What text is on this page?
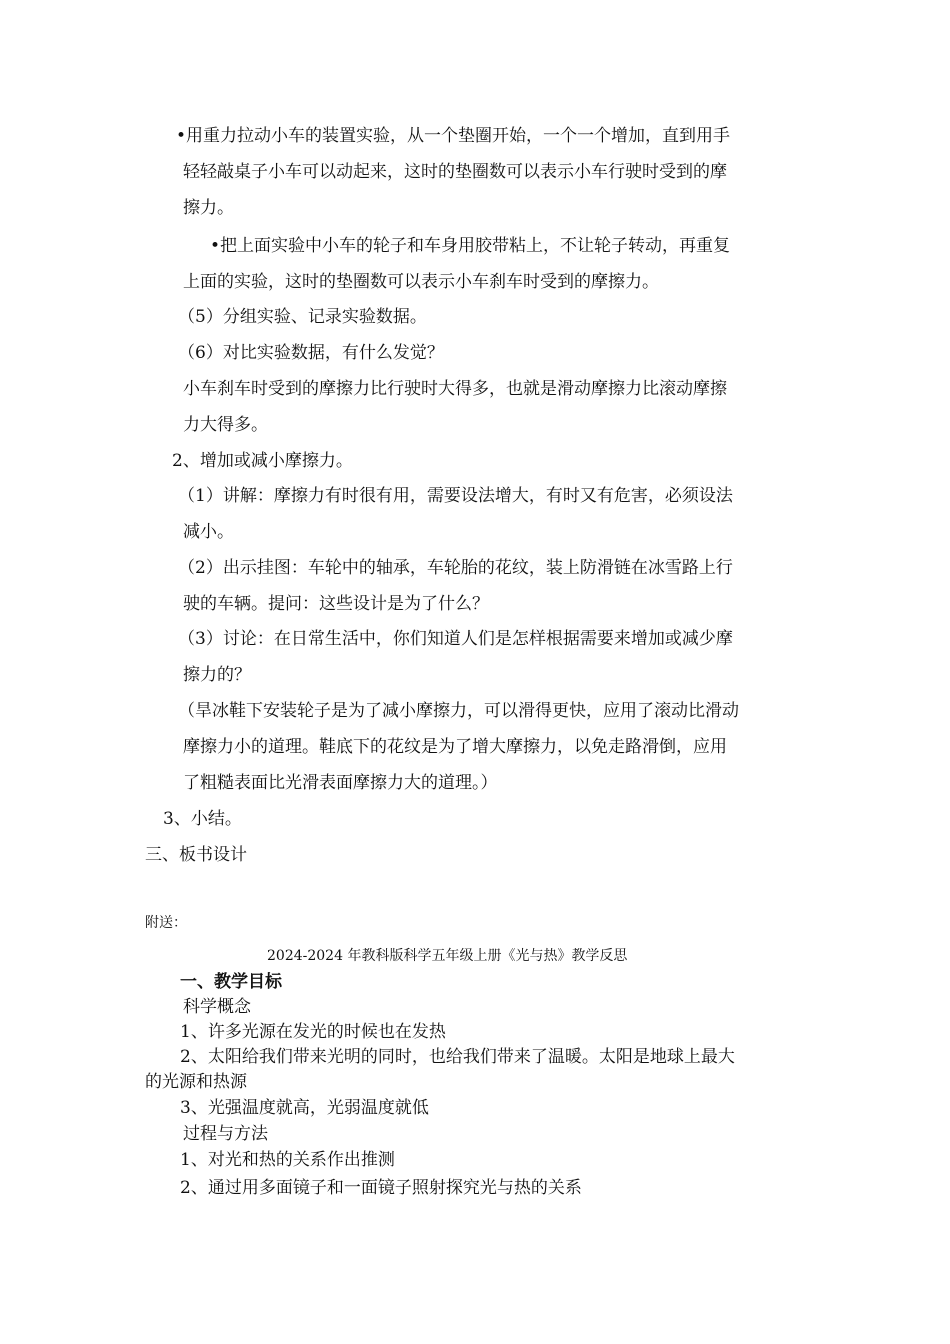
•用重力拉动小车的装置实验，从一个垫圈开始，一个一个增加，直到用手
轻轻敲桌子小车可以动起来，这时的垫圈数可以表示小车行驶时受到的摩
擦力。
•把上面实验中小车的轮子和车身用胶带粘上，不让轮子转动，再重复
上面的实验，这时的垫圈数可以表示小车刹车时受到的摩擦力。
（5）分组实验、记录实验数据。
（6）对比实验数据，有什么发觉？
小车刹车时受到的摩擦力比行驶时大得多，也就是滑动摩擦力比滚动摩擦
力大得多。
2、增加或减小摩擦力。
（1）讲解：摩擦力有时很有用，需要设法增大，有时又有危害，必须设法
减小。
（2）出示挂图：车轮中的轴承，车轮胎的花纹，装上防滑链在冰雪路上行
驶的车辆。提问：这些设计是为了什么？
（3）讨论：在日常生活中，你们知道人们是怎样根据需要来增加或减少摩
擦力的？
（旱冰鞋下安装轮子是为了减小摩擦力，可以滑得更快，应用了滚动比滑动
摩擦力小的道理。鞋底下的花纹是为了增大摩擦力，以免走路滑倒，应用
了粗糙表面比光滑表面摩擦力大的道理。）
3、小结。
三、板书设计
附送：
2024-2024 年教科版科学五年级上册《光与热》教学反思
一、教学目标
科学概念
1、许多光源在发光的时候也在发热
2、太阳给我们带来光明的同时，也给我们带来了温暖。太阳是地球上最大
的光源和热源
3、光强温度就高，光弱温度就低
过程与方法
1、对光和热的关系作出推测
2、通过用多面镜子和一面镜子照射探究光与热的关系
